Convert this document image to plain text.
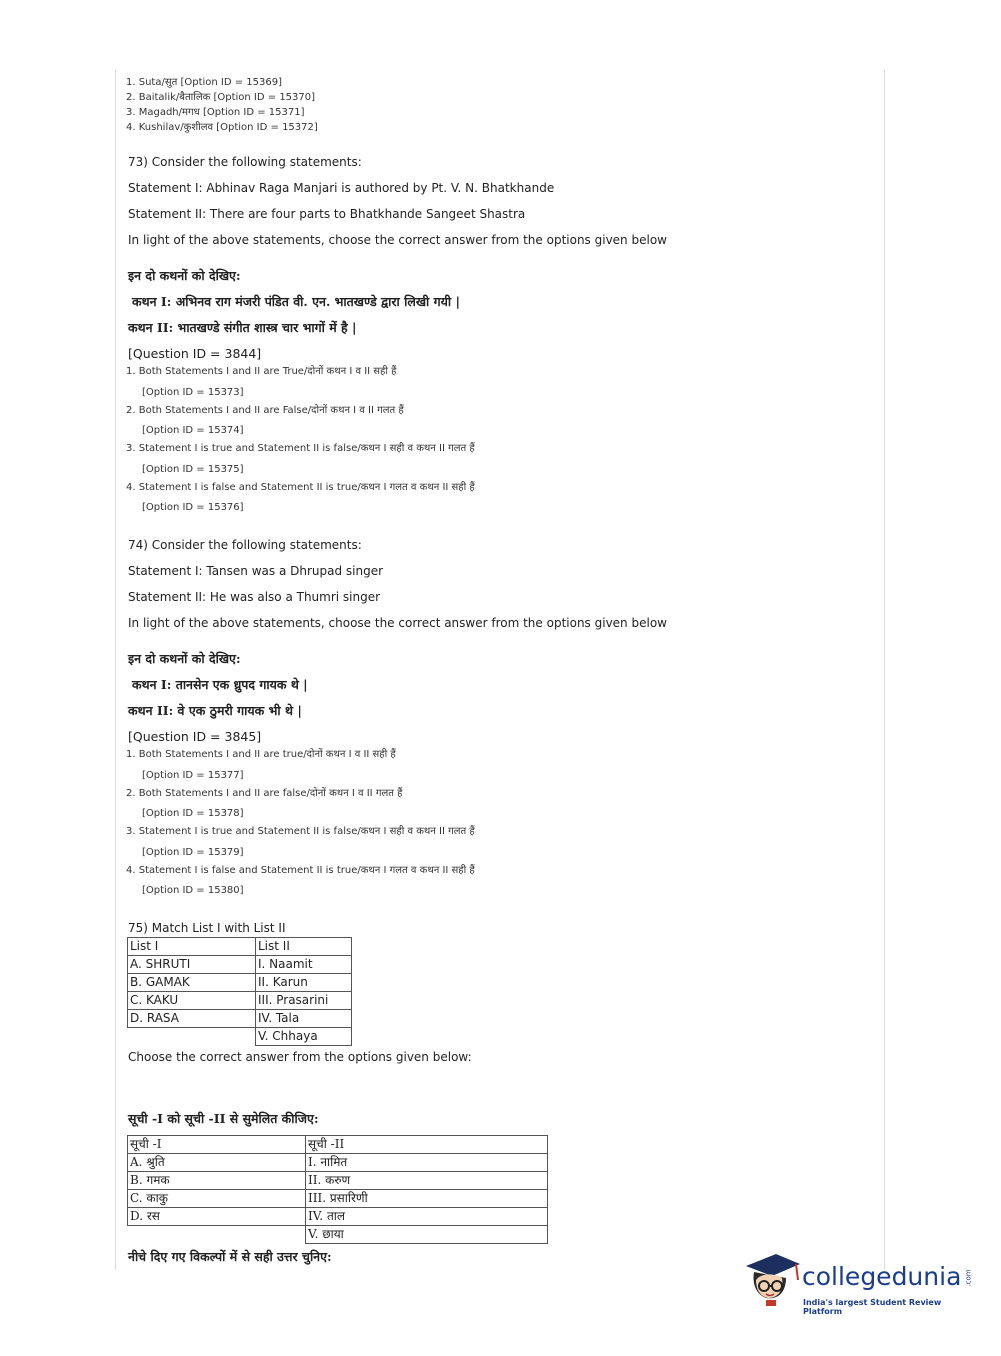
1. Suta/सुत [Option ID = 15369]
2. Baitalik/बैतालिक [Option ID = 15370]
3. Magadh/मगध [Option ID = 15371]
4. Kushilav/कुशीलव [Option ID = 15372]
73) Consider the following statements:
Statement I: Abhinav Raga Manjari is authored by Pt. V. N. Bhatkhande
Statement II: There are four parts to Bhatkhande Sangeet Shastra
In light of the above statements, choose the correct answer from the options given below
इन दो कथनों को देखिए:
कथन I: अभिनव राग मंजरी पंडित वी. एन. भातखण्डे द्वारा लिखी गयी |
कथन II: भातखण्डे संगीत शास्त्र चार भागों में है |
[Question ID = 3844]
1. Both Statements I and II are True/दोनों कथन I व II सही हैं
[Option ID = 15373]
2. Both Statements I and II are False/दोनों कथन I व II गलत हैं
[Option ID = 15374]
3. Statement I is true and Statement II is false/कथन I सही व कथन II गलत हैं
[Option ID = 15375]
4. Statement I is false and Statement II is true/कथन I गलत व कथन II सही हैं
[Option ID = 15376]
74) Consider the following statements:
Statement I: Tansen was a Dhrupad singer
Statement II: He was also a Thumri singer
In light of the above statements, choose the correct answer from the options given below
इन दो कथनों को देखिए:
कथन I: तानसेन एक ध्रुपद गायक थे |
कथन II: वे एक ठुमरी गायक भी थे |
[Question ID = 3845]
1. Both Statements I and II are true/दोनों कथन I व II सही हैं
[Option ID = 15377]
2. Both Statements I and II are false/दोनों कथन I व II गलत हैं
[Option ID = 15378]
3. Statement I is true and Statement II is false/कथन I सही व कथन II गलत हैं
[Option ID = 15379]
4. Statement I is false and Statement II is true/कथन I गलत व कथन II सही हैं
[Option ID = 15380]
75) Match List I with List II
List I	List II
A. SHRUTI	I. Naamit
B. GAMAK	II. Karun
C. KAKU	III. Prasarini
D. RASA	IV. Tala
	V. Chhaya
Choose the correct answer from the options given below:
सूची -I को सूची -II से सुमेलित कीजिए:
सूची -I	सूची -II
A. श्रुति	I. नामित
B. गमक	II. करुण
C. काकु	III. प्रसारिणी
D. रस	IV. ताल
	V. छाया
नीचे दिए गए विकल्पों में से सही उत्तर चुनिए:
collegedunia .com
India's largest Student Review Platform
